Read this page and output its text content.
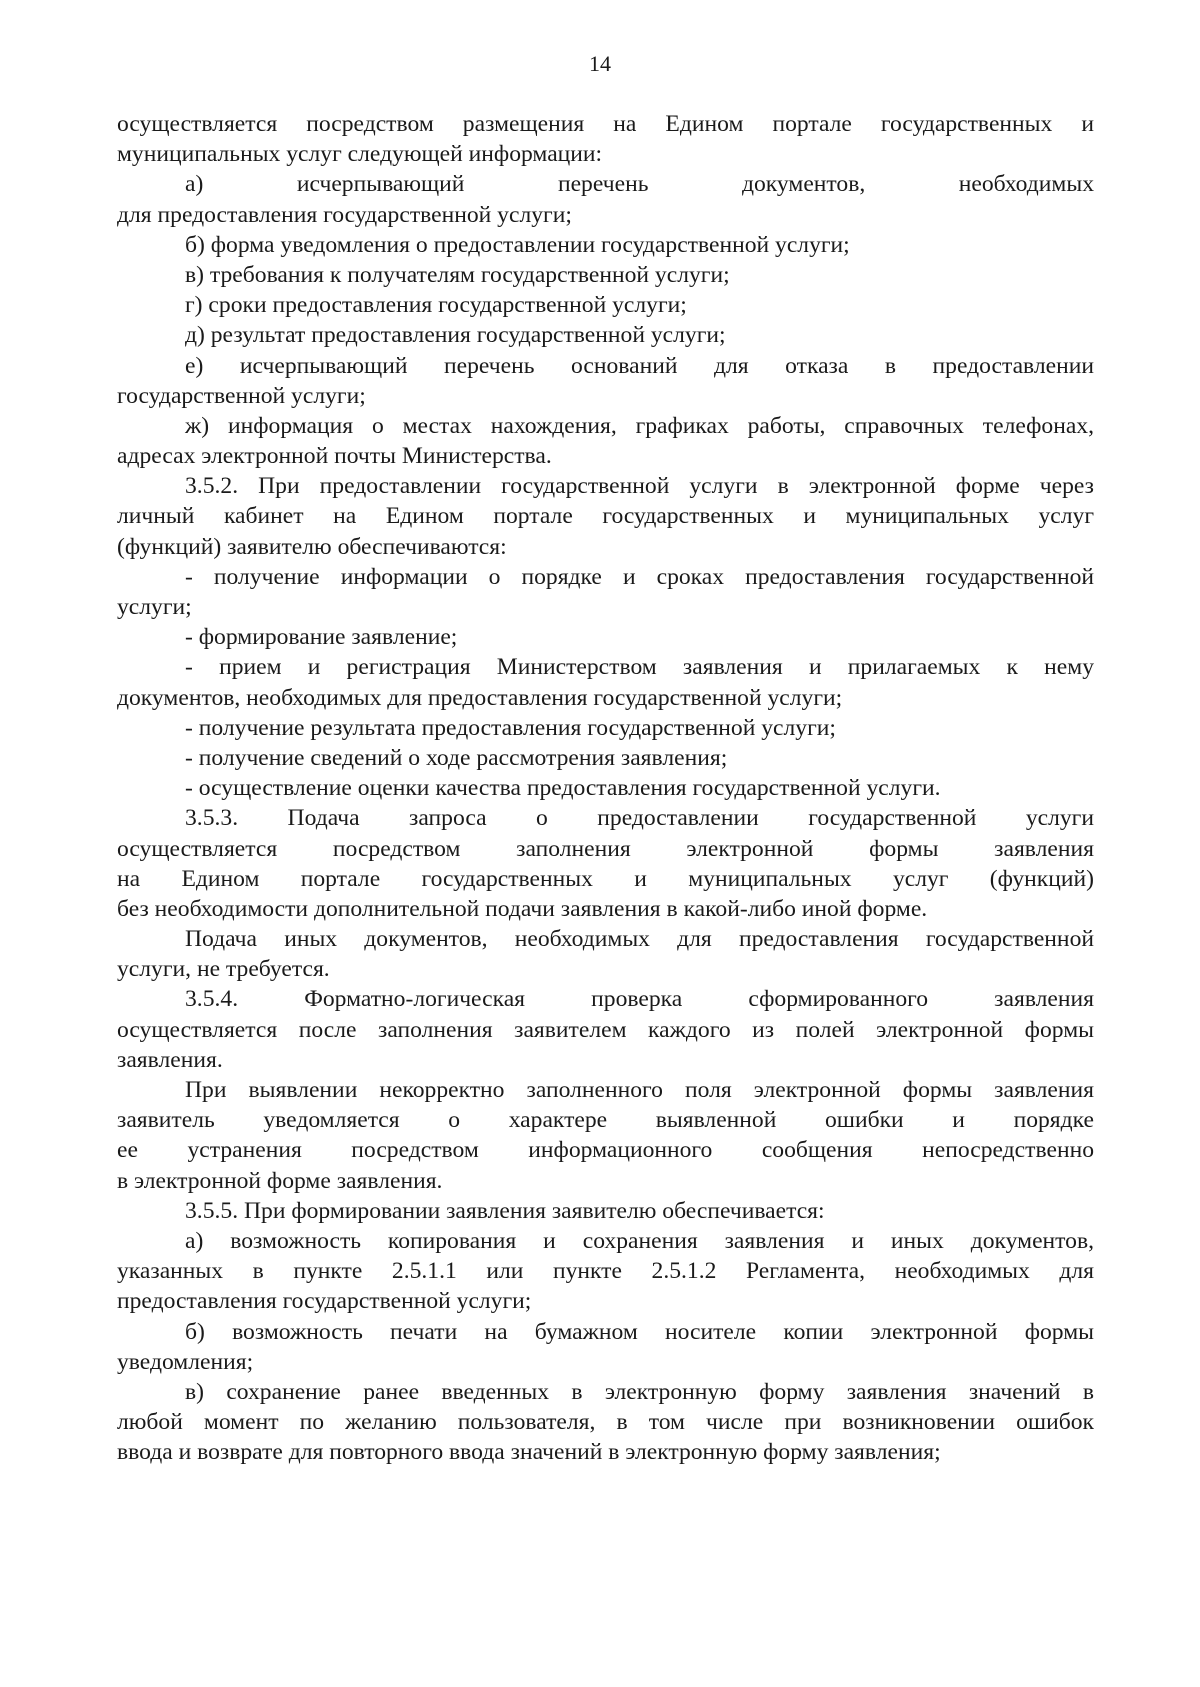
14
осуществляется посредством размещения на Едином портале государственных и
муниципальных услуг следующей информации:
а) исчерпывающий перечень документов, необходимых
для предоставления государственной услуги;
б) форма уведомления о предоставлении государственной услуги;
в) требования к получателям государственной услуги;
г) сроки предоставления государственной услуги;
д) результат предоставления государственной услуги;
е) исчерпывающий перечень оснований для отказа в предоставлении
государственной услуги;
ж) информация о местах нахождения, графиках работы, справочных телефонах,
адресах электронной почты Министерства.
3.5.2. При предоставлении государственной услуги в электронной форме через
личный кабинет на Едином портале государственных и муниципальных услуг
(функций) заявителю обеспечиваются:
- получение информации о порядке и сроках предоставления государственной
услуги;
- формирование заявление;
- прием и регистрация Министерством заявления и прилагаемых к нему
документов, необходимых для предоставления государственной услуги;
- получение результата предоставления государственной услуги;
- получение сведений о ходе рассмотрения заявления;
- осуществление оценки качества предоставления государственной услуги.
3.5.3. Подача запроса о предоставлении государственной услуги
осуществляется посредством заполнения электронной формы заявления
на Едином портале государственных и муниципальных услуг (функций)
без необходимости дополнительной подачи заявления в какой-либо иной форме.
Подача иных документов, необходимых для предоставления государственной
услуги, не требуется.
3.5.4. Форматно-логическая проверка сформированного заявления
осуществляется после заполнения заявителем каждого из полей электронной формы
заявления.
При выявлении некорректно заполненного поля электронной формы заявления
заявитель уведомляется о характере выявленной ошибки и порядке
ее устранения посредством информационного сообщения непосредственно
в электронной форме заявления.
3.5.5. При формировании заявления заявителю обеспечивается:
а) возможность копирования и сохранения заявления и иных документов,
указанных в пункте 2.5.1.1 или пункте 2.5.1.2 Регламента, необходимых для
предоставления государственной услуги;
б) возможность печати на бумажном носителе копии электронной формы
уведомления;
в) сохранение ранее введенных в электронную форму заявления значений в
любой момент по желанию пользователя, в том числе при возникновении ошибок
ввода и возврате для повторного ввода значений в электронную форму заявления;
